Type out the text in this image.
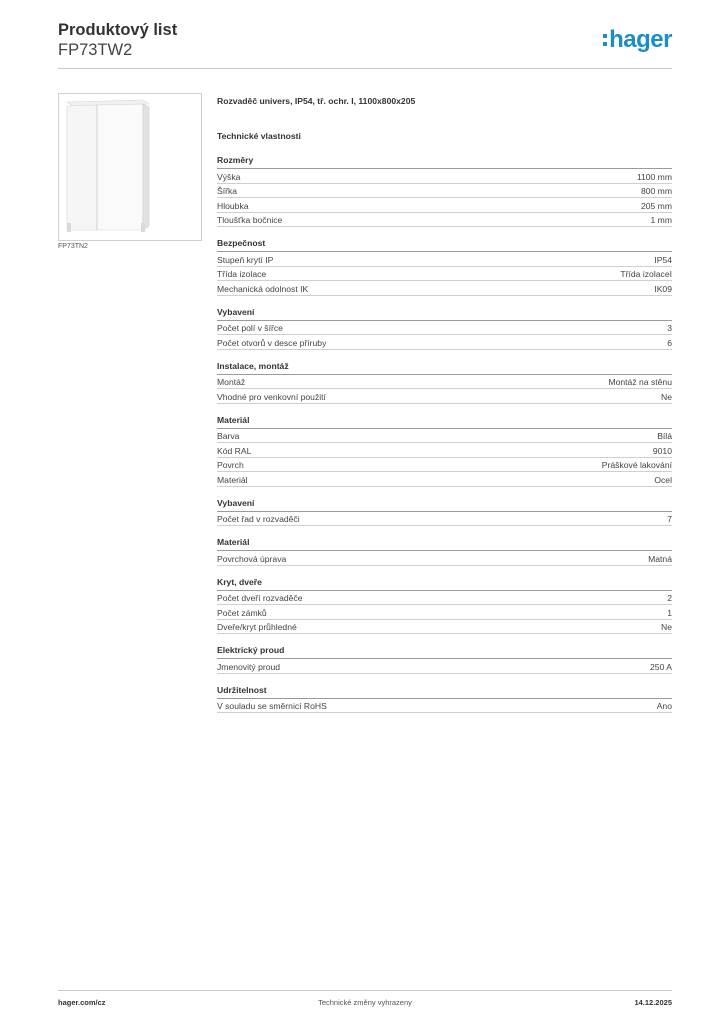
Produktový list

FP73TW2	hager
FP73TN2

Rozvaděč univers, IP54, tř. ochr. I, 1100x800x205

Technické vlastnosti

Rozměry
Výška	1100 mm
Šířka	800 mm
Hloubka	205 mm
Tloušťka bočnice	1 mm
Bezpečnost
Stupeň krytí IP	IP54
Třída izolace	Třída izolaceI
Mechanická odolnost IK	IK09
Vybavení
Počet polí v šířce	3
Počet otvorů v desce příruby	6
Instalace, montáž
Montáž	Montáž na stěnu
Vhodné pro venkovní použití	Ne
Materiál
Barva	Bílá
Kód RAL	9010
Povrch	Práškové lakování
Materiál	Ocel
Vybavení
Počet řad v rozvaděči	7
Materiál
Povrchová úprava	Matná
Kryt, dveře
Počet dveří rozvaděče	2
Počet zámků	1
Dveře/kryt průhledné	Ne
Elektrický proud
Jmenovitý proud	250 A
Udržitelnost
V souladu se směrnicí RoHS	Ano
hager.com/cz	Technické změny vyhrazeny	14.12.2025
